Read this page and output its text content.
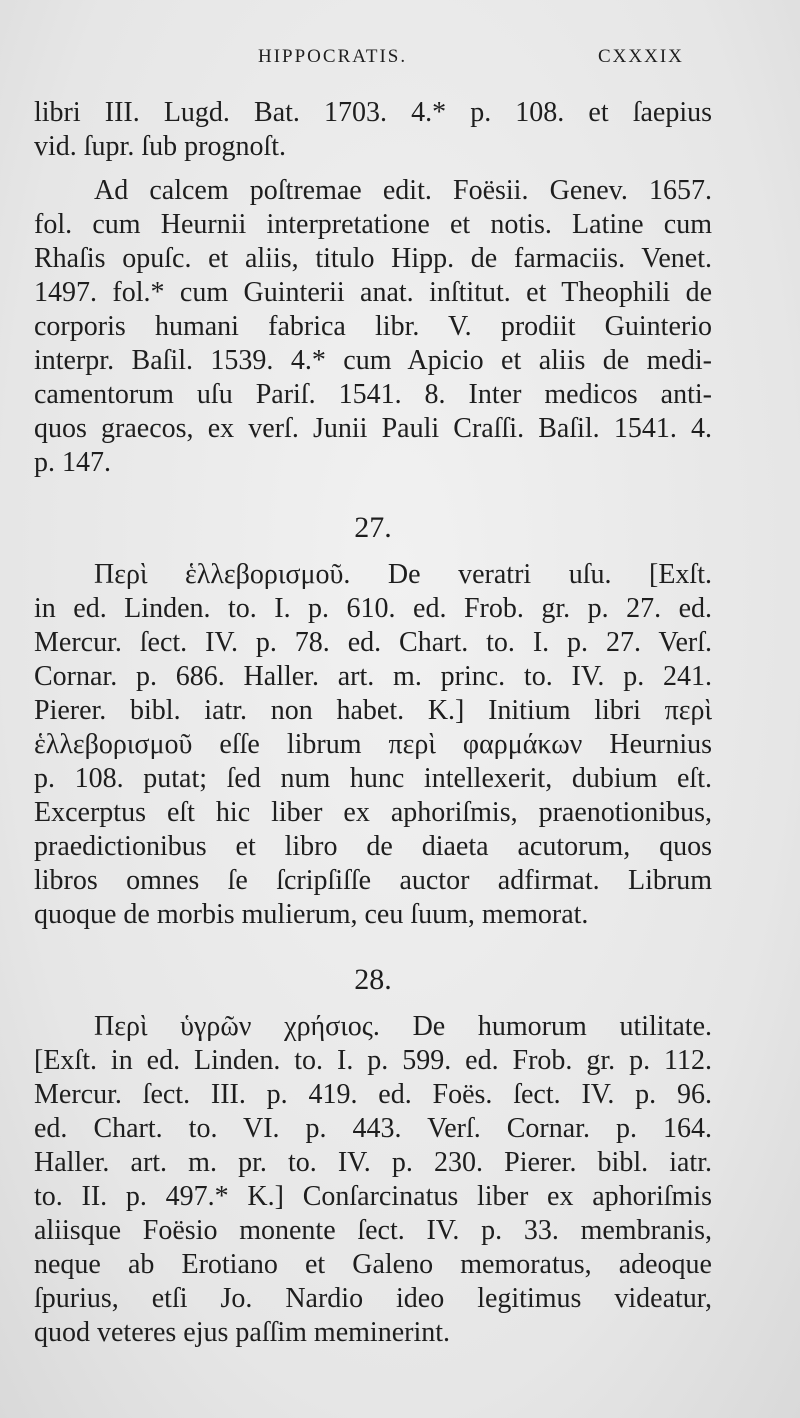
HIPPOCRATIS.	CXXXIX
libri III. Lugd. Bat. 1703. 4.* p. 108. et ſaepius
vid. ſupr. ſub prognoſt.
Ad calcem poſtremae edit. Foësii. Genev. 1657.
fol. cum Heurnii interpretatione et notis. Latine cum
Rhaſis opuſc. et aliis, titulo Hipp. de farmaciis. Venet.
1497. fol.* cum Guinterii anat. inſtitut. et Theophili de
corporis humani fabrica libr. V. prodiit Guinterio
interpr. Baſil. 1539. 4.* cum Apicio et aliis de medi-
camentorum uſu Pariſ. 1541. 8. Inter medicos anti-
quos graecos, ex verſ. Junii Pauli Craſſi. Baſil. 1541. 4.
p. 147.
27.
Περὶ ἑλλεβορισμοῦ. De veratri uſu. [Exſt.
in ed. Linden. to. I. p. 610. ed. Frob. gr. p. 27. ed.
Mercur. ſect. IV. p. 78. ed. Chart. to. I. p. 27. Verſ.
Cornar. p. 686. Haller. art. m. princ. to. IV. p. 241.
Pierer. bibl. iatr. non habet. K.] Initium libri περὶ
ἑλλεβορισμοῦ eſſe librum περὶ φαρμάκων Heurnius
p. 108. putat; ſed num hunc intellexerit, dubium eſt.
Excerptus eſt hic liber ex aphoriſmis, praenotionibus,
praedictionibus et libro de diaeta acutorum, quos
libros omnes ſe ſcripſiſſe auctor adfirmat. Librum
quoque de morbis mulierum, ceu ſuum, memorat.
28.
Περὶ ὑγρῶν χρήσιος. De humorum utilitate.
[Exſt. in ed. Linden. to. I. p. 599. ed. Frob. gr. p. 112.
Mercur. ſect. III. p. 419. ed. Foës. ſect. IV. p. 96.
ed. Chart. to. VI. p. 443. Verſ. Cornar. p. 164.
Haller. art. m. pr. to. IV. p. 230. Pierer. bibl. iatr.
to. II. p. 497.* K.] Conſarcinatus liber ex aphoriſmis
aliisque Foësio monente ſect. IV. p. 33. membranis,
neque ab Erotiano et Galeno memoratus, adeoque
ſpurius, etſi Jo. Nardio ideo legitimus videatur,
quod veteres ejus paſſim meminerint.
